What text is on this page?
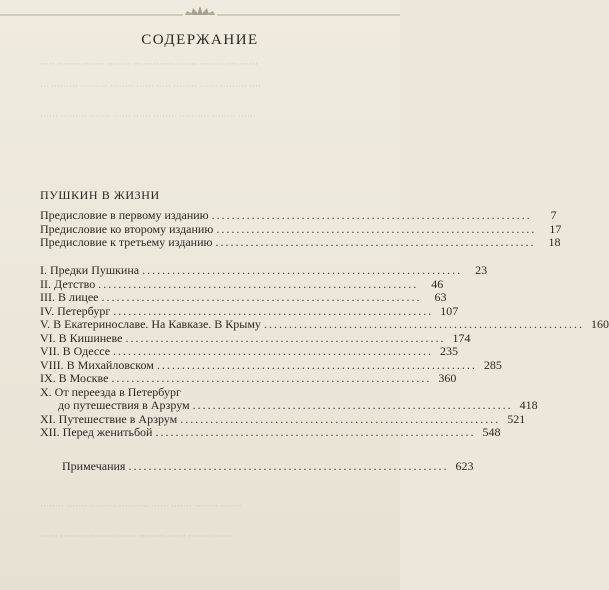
····· ········ ······· ········ ··· ·········· ······· ········ ···· ······
··· ········· ········· ········ ······ ····· ········ ······ ········· ····
······ ········· ······· ······ ······ ········ ·········· ········ ······
СОДЕРЖАНИЕ
ПУШКИН В ЖИЗНИ
Предисловие в первому изданию ................................................................	7
Предисловие ко второму изданию ................................................................	17
Предисловие к третьему изданию ................................................................	18
I. Предки Пушкина ................................................................	23
II. Детство ................................................................	46
III. В лицее ................................................................	63
IV. Петербург ................................................................ 107
V. В Екатеринославе. На Кавказе. В Крыму ................................................................ 160
VI. В Кишиневе ................................................................ 174
VII. В Одессе ................................................................ 235
VIII. В Михайловском ................................................................ 285
IX. В Москве ................................................................ 360
X. От переезда в Петербург
до путешествия в Арзрум ................................................................ 418
XI. Путешествие в Арзрум ................................................................ 521
XII. Перед женитьбой ................................................................ 548
Примечания ................................................................ 623
········ ······· ········· ·········· ······ ······· ········ ·······
······ ········· ········ ······· ········· ······ ········ ······
